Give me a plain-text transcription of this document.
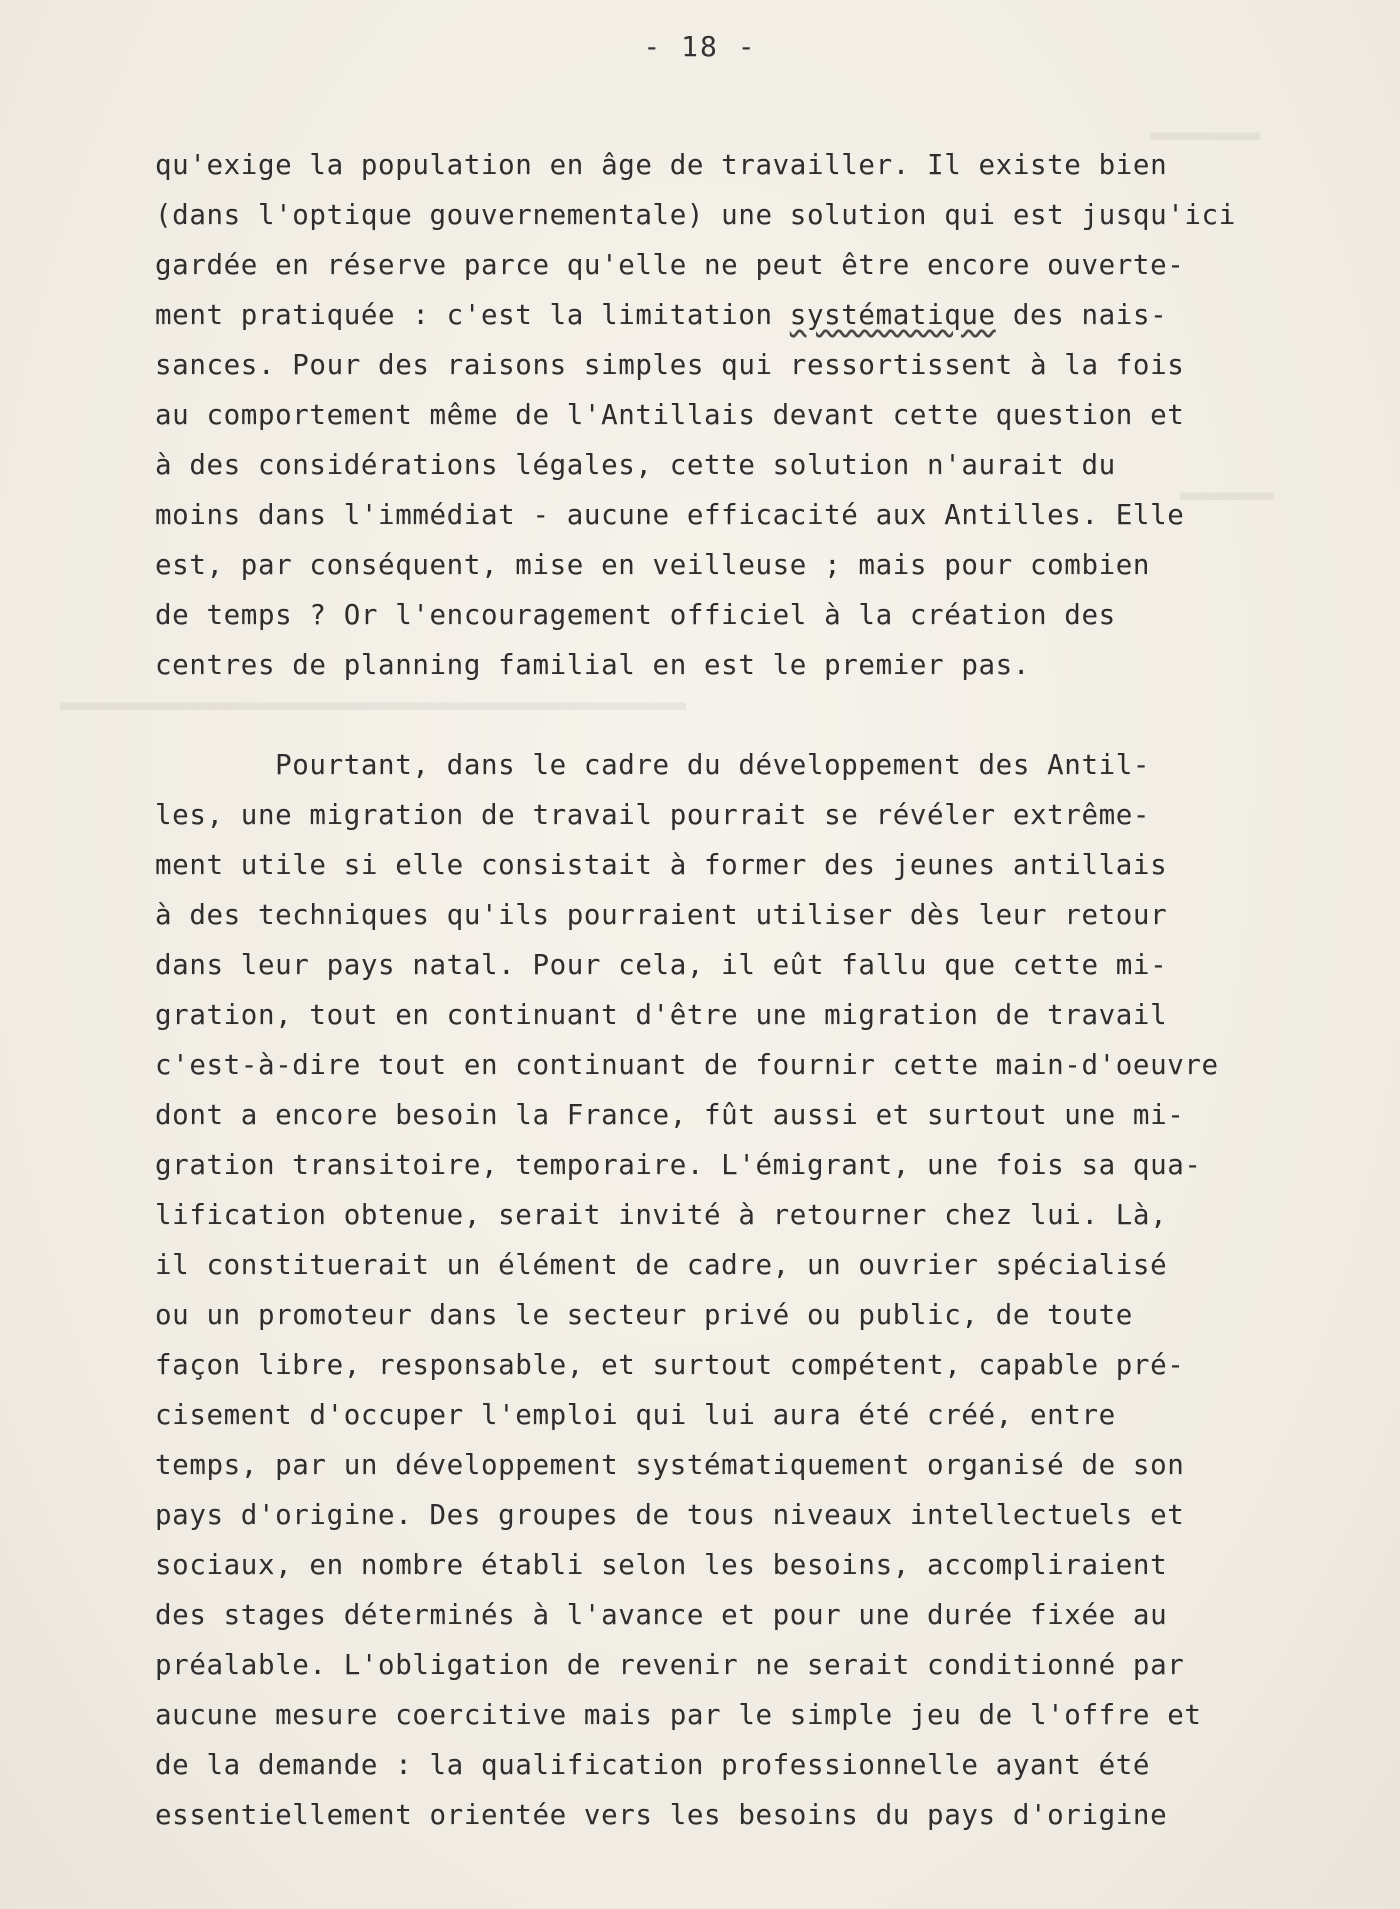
▬▬▬▬▬▬▬
▬▬▬▬▬▬
▬▬▬▬▬▬▬▬▬▬▬▬▬▬▬▬▬▬▬▬▬▬▬▬▬▬▬▬▬▬▬▬▬▬▬▬▬▬▬▬
- 18 -
qu'exige la population en âge de travailler. Il existe bien
(dans l'optique gouvernementale) une solution qui est jusqu'ici
gardée en réserve parce qu'elle ne peut être encore ouverte-
ment pratiquée : c'est la limitation systématique des nais-
sances. Pour des raisons simples qui ressortissent à la fois
au comportement même de l'Antillais devant cette question et
à des considérations légales, cette solution n'aurait du
moins dans l'immédiat - aucune efficacité aux Antilles. Elle
est, par conséquent, mise en veilleuse ; mais pour combien
de temps ? Or l'encouragement officiel à la création des
centres de planning familial en est le premier pas.
Pourtant, dans le cadre du développement des Antil-
les, une migration de travail pourrait se révéler extrême-
ment utile si elle consistait à former des jeunes antillais
à des techniques qu'ils pourraient utiliser dès leur retour
dans leur pays natal. Pour cela, il eût fallu que cette mi-
gration, tout en continuant d'être une migration de travail
c'est-à-dire tout en continuant de fournir cette main-d'oeuvre
dont a encore besoin la France, fût aussi et surtout une mi-
gration transitoire, temporaire. L'émigrant, une fois sa qua-
lification obtenue, serait invité à retourner chez lui. Là,
il constituerait un élément de cadre, un ouvrier spécialisé
ou un promoteur dans le secteur privé ou public, de toute
façon libre, responsable, et surtout compétent, capable pré-
cisement d'occuper l'emploi qui lui aura été créé, entre
temps, par un développement systématiquement organisé de son
pays d'origine. Des groupes de tous niveaux intellectuels et
sociaux, en nombre établi selon les besoins, accompliraient
des stages déterminés à l'avance et pour une durée fixée au
préalable. L'obligation de revenir ne serait conditionné par
aucune mesure coercitive mais par le simple jeu de l'offre et
de la demande : la qualification professionnelle ayant été
essentiellement orientée vers les besoins du pays d'origine
